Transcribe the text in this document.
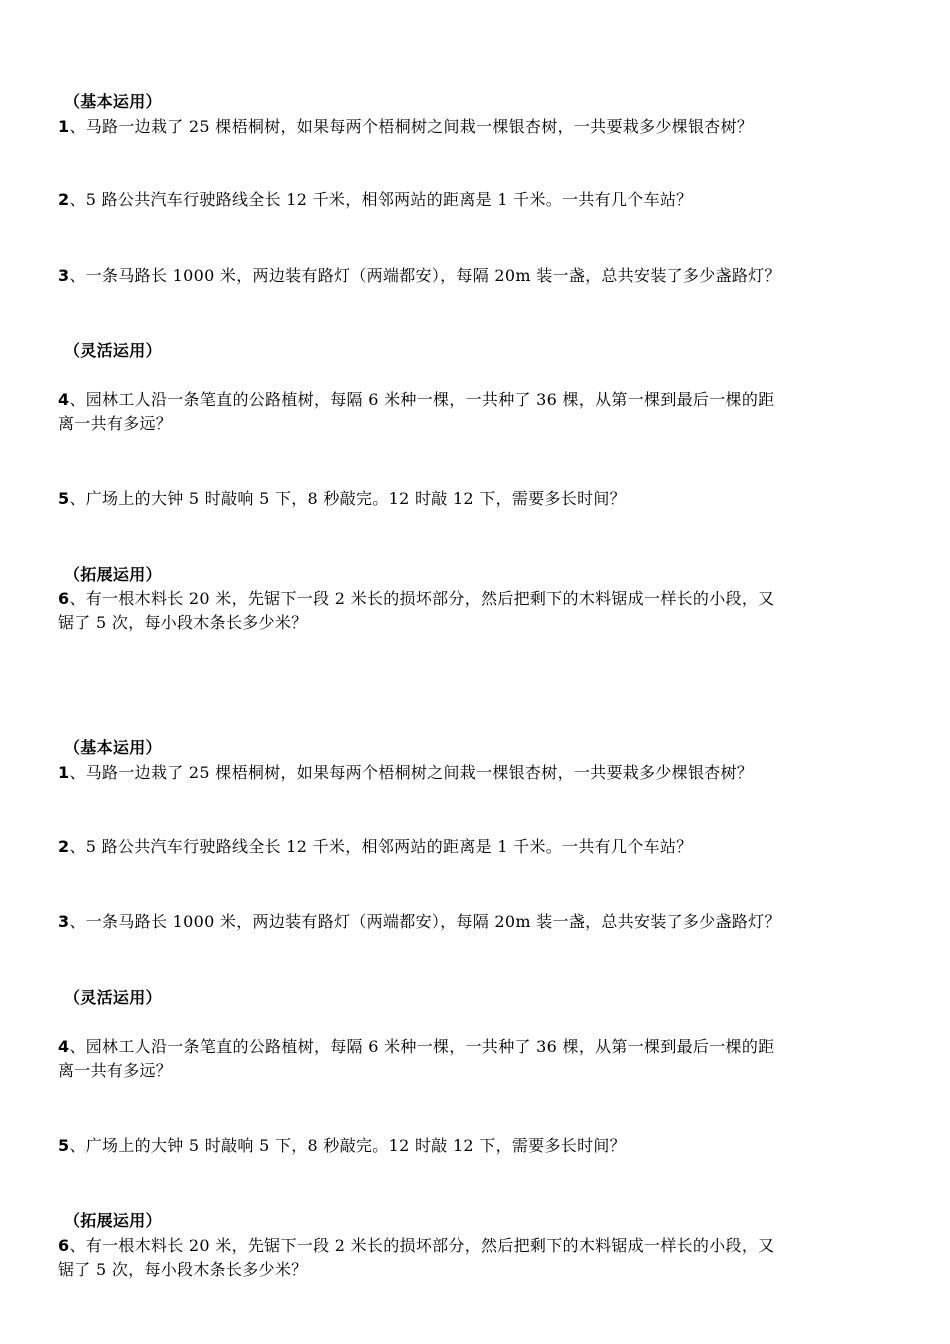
（基本运用）
1、马路一边栽了 25 棵梧桐树，如果每两个梧桐树之间栽一棵银杏树，一共要栽多少棵银杏树？
2、5 路公共汽车行驶路线全长 12 千米，相邻两站的距离是 1 千米。一共有几个车站？
3、一条马路长 1000 米，两边装有路灯（两端都安），每隔 20m 装一盏，总共安装了多少盏路灯？
（灵活运用）
4、园林工人沿一条笔直的公路植树，每隔 6 米种一棵，一共种了 36 棵，从第一棵到最后一棵的距
离一共有多远？
5、广场上的大钟 5 时敲响 5 下，8 秒敲完。12 时敲 12 下，需要多长时间？
（拓展运用）
6、有一根木料长 20 米，先锯下一段 2 米长的损坏部分，然后把剩下的木料锯成一样长的小段，又
锯了 5 次，每小段木条长多少米？
（基本运用）
1、马路一边栽了 25 棵梧桐树，如果每两个梧桐树之间栽一棵银杏树，一共要栽多少棵银杏树？
2、5 路公共汽车行驶路线全长 12 千米，相邻两站的距离是 1 千米。一共有几个车站？
3、一条马路长 1000 米，两边装有路灯（两端都安），每隔 20m 装一盏，总共安装了多少盏路灯？
（灵活运用）
4、园林工人沿一条笔直的公路植树，每隔 6 米种一棵，一共种了 36 棵，从第一棵到最后一棵的距
离一共有多远？
5、广场上的大钟 5 时敲响 5 下，8 秒敲完。12 时敲 12 下，需要多长时间？
（拓展运用）
6、有一根木料长 20 米，先锯下一段 2 米长的损坏部分，然后把剩下的木料锯成一样长的小段，又
锯了 5 次，每小段木条长多少米？
